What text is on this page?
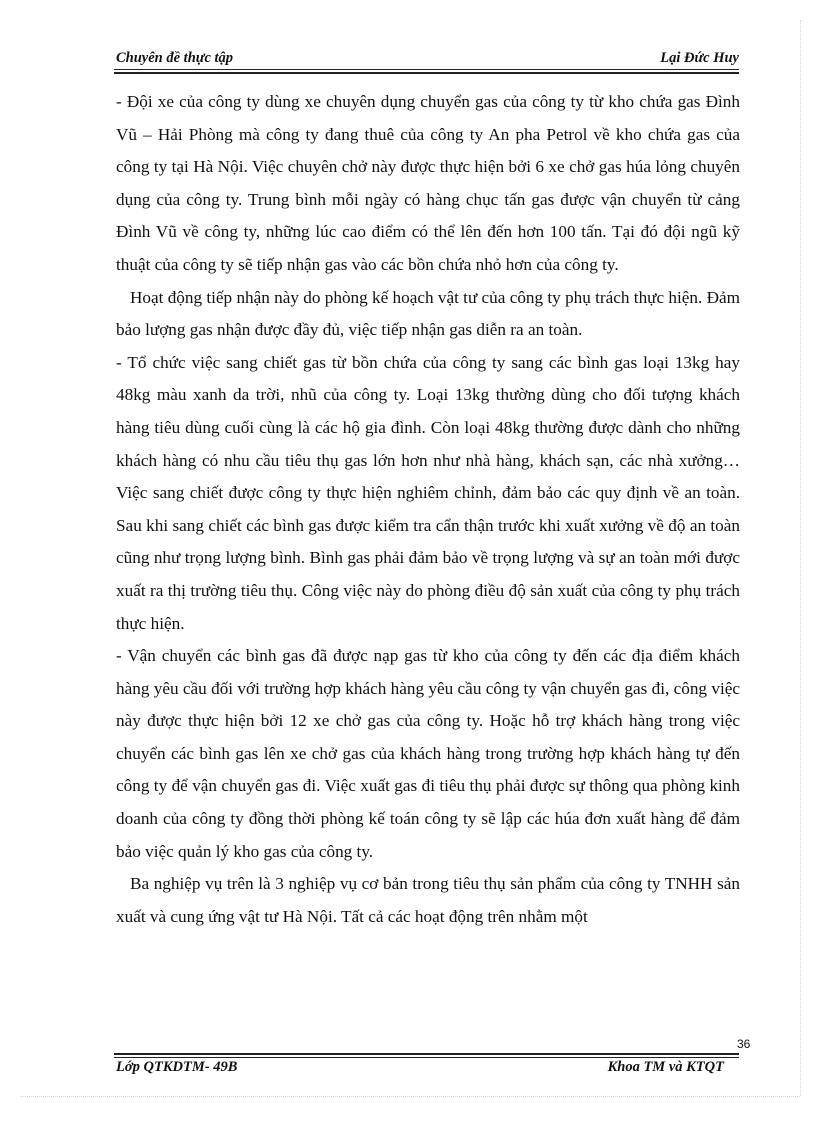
Chuyên đề thực tập	Lại Đức Huy

- Đội xe của công ty dùng xe chuyên dụng chuyển gas của công ty từ kho chứa gas Đình Vũ – Hải Phòng mà công ty đang thuê của công ty An pha Petrol về kho chứa gas của công ty tại Hà Nội. Việc chuyên chở này được thực hiện bởi 6 xe chở gas húa lỏng chuyên dụng của công ty. Trung bình mỗi ngày có hàng chục tấn gas được vận chuyển từ cảng Đình Vũ về công ty, những lúc cao điểm có thể lên đến hơn 100 tấn. Tại đó đội ngũ kỹ thuật của công ty sẽ tiếp nhận gas vào các bồn chứa nhỏ hơn của công ty.

Hoạt động tiếp nhận này do phòng kế hoạch vật tư của công ty phụ trách thực hiện. Đảm bảo lượng gas nhận được đầy đủ, việc tiếp nhận gas diễn ra an toàn.

- Tổ chức việc sang chiết gas từ bồn chứa của công ty sang các bình gas loại 13kg hay 48kg màu xanh da trời, nhũ của công ty. Loại 13kg thường dùng cho đối tượng khách hàng tiêu dùng cuối cùng là các hộ gia đình. Còn loại 48kg thường được dành cho những khách hàng có nhu cầu tiêu thụ gas lớn hơn như nhà hàng, khách sạn, các nhà xưởng…Việc sang chiết được công ty thực hiện nghiêm chỉnh, đảm bảo các quy định về an toàn. Sau khi sang chiết các bình gas được kiểm tra cẩn thận trước khi xuất xưởng về độ an toàn cũng như trọng lượng bình. Bình gas phải đảm bảo về trọng lượng và sự an toàn mới được xuất ra thị trường tiêu thụ. Công việc này do phòng điều độ sản xuất của công ty phụ trách thực hiện.

- Vận chuyển các bình gas đã được nạp gas từ kho của công ty đến các địa điểm khách hàng yêu cầu đối với trường hợp khách hàng yêu cầu công ty vận chuyển gas đi, công việc này được thực hiện bởi 12 xe chở gas của công ty. Hoặc hỗ trợ khách hàng trong việc chuyển các bình gas lên xe chở gas của khách hàng trong trường hợp khách hàng tự đến công ty để vận chuyển gas đi. Việc xuất gas đi tiêu thụ phải được sự thông qua phòng kinh doanh của công ty đồng thời phòng kế toán công ty sẽ lập các húa đơn xuất hàng để đảm bảo việc quản lý kho gas của công ty.

Ba nghiệp vụ trên là 3 nghiệp vụ cơ bản trong tiêu thụ sản phẩm của công ty TNHH sản xuất và cung ứng vật tư Hà Nội. Tất cả các hoạt động trên nhằm một

36
Lớp QTKDTM- 49B	Khoa TM và KTQT
